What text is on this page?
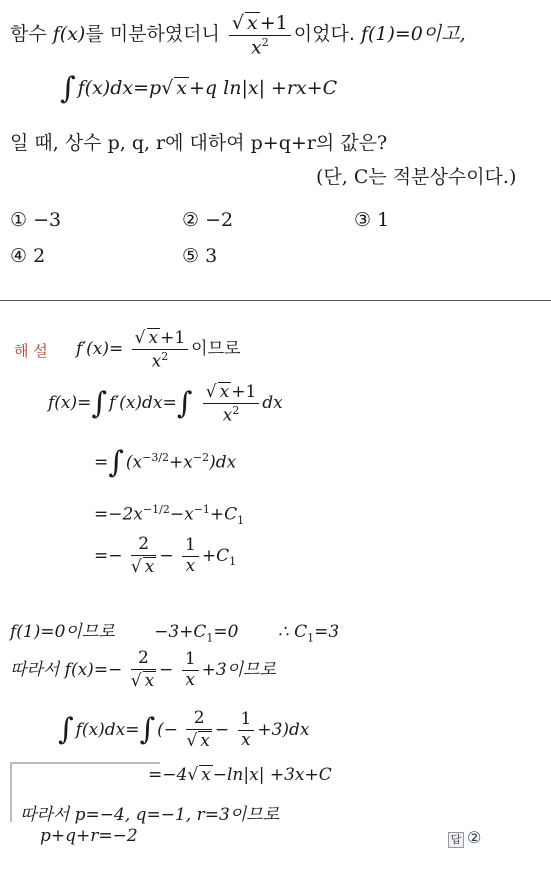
함수 f(x)를 미분하였더니 $\frac{√ x +1}{x^2}$ 이었다. f(1)=0이고,
∫ f(x)dx=p√ x +q ln|x| +rx+C
일 때, 상수 p, q, r에 대하여 p+q+r의 값은?
(단, C는 적분상수이다.)
① −3	② −2	③ 1
④ 2	⑤ 3
해 설 $f'(x)= \frac{√ x +1}{x^2}$ 이므로
f(x)=∫ $f'(x)dx=\int \frac{√ x +1}{x^2}$ dx
=∫ $(x^{-3/2}+x^{-2})dx$
$=-2x^{-1/2}-x^{-1}+C_1$
=− $\frac{2}{√ x} - \frac{1}{x} +C_1$
f(1)=0이므로 $-3+C_1=0$ ∴ $C_1=3$
따라서 $f(x)=- \frac{2}{√ x} - \frac{1}{x} +3$이므로
∫ f(x)dx=∫ (− $\frac{2}{√ x} - \frac{1}{x} +3)dx$
=−4√ x −ln|x| +3x+C
따라서 p=−4, q=−1, r=3이므로
p+q+r=−2	답 ②
